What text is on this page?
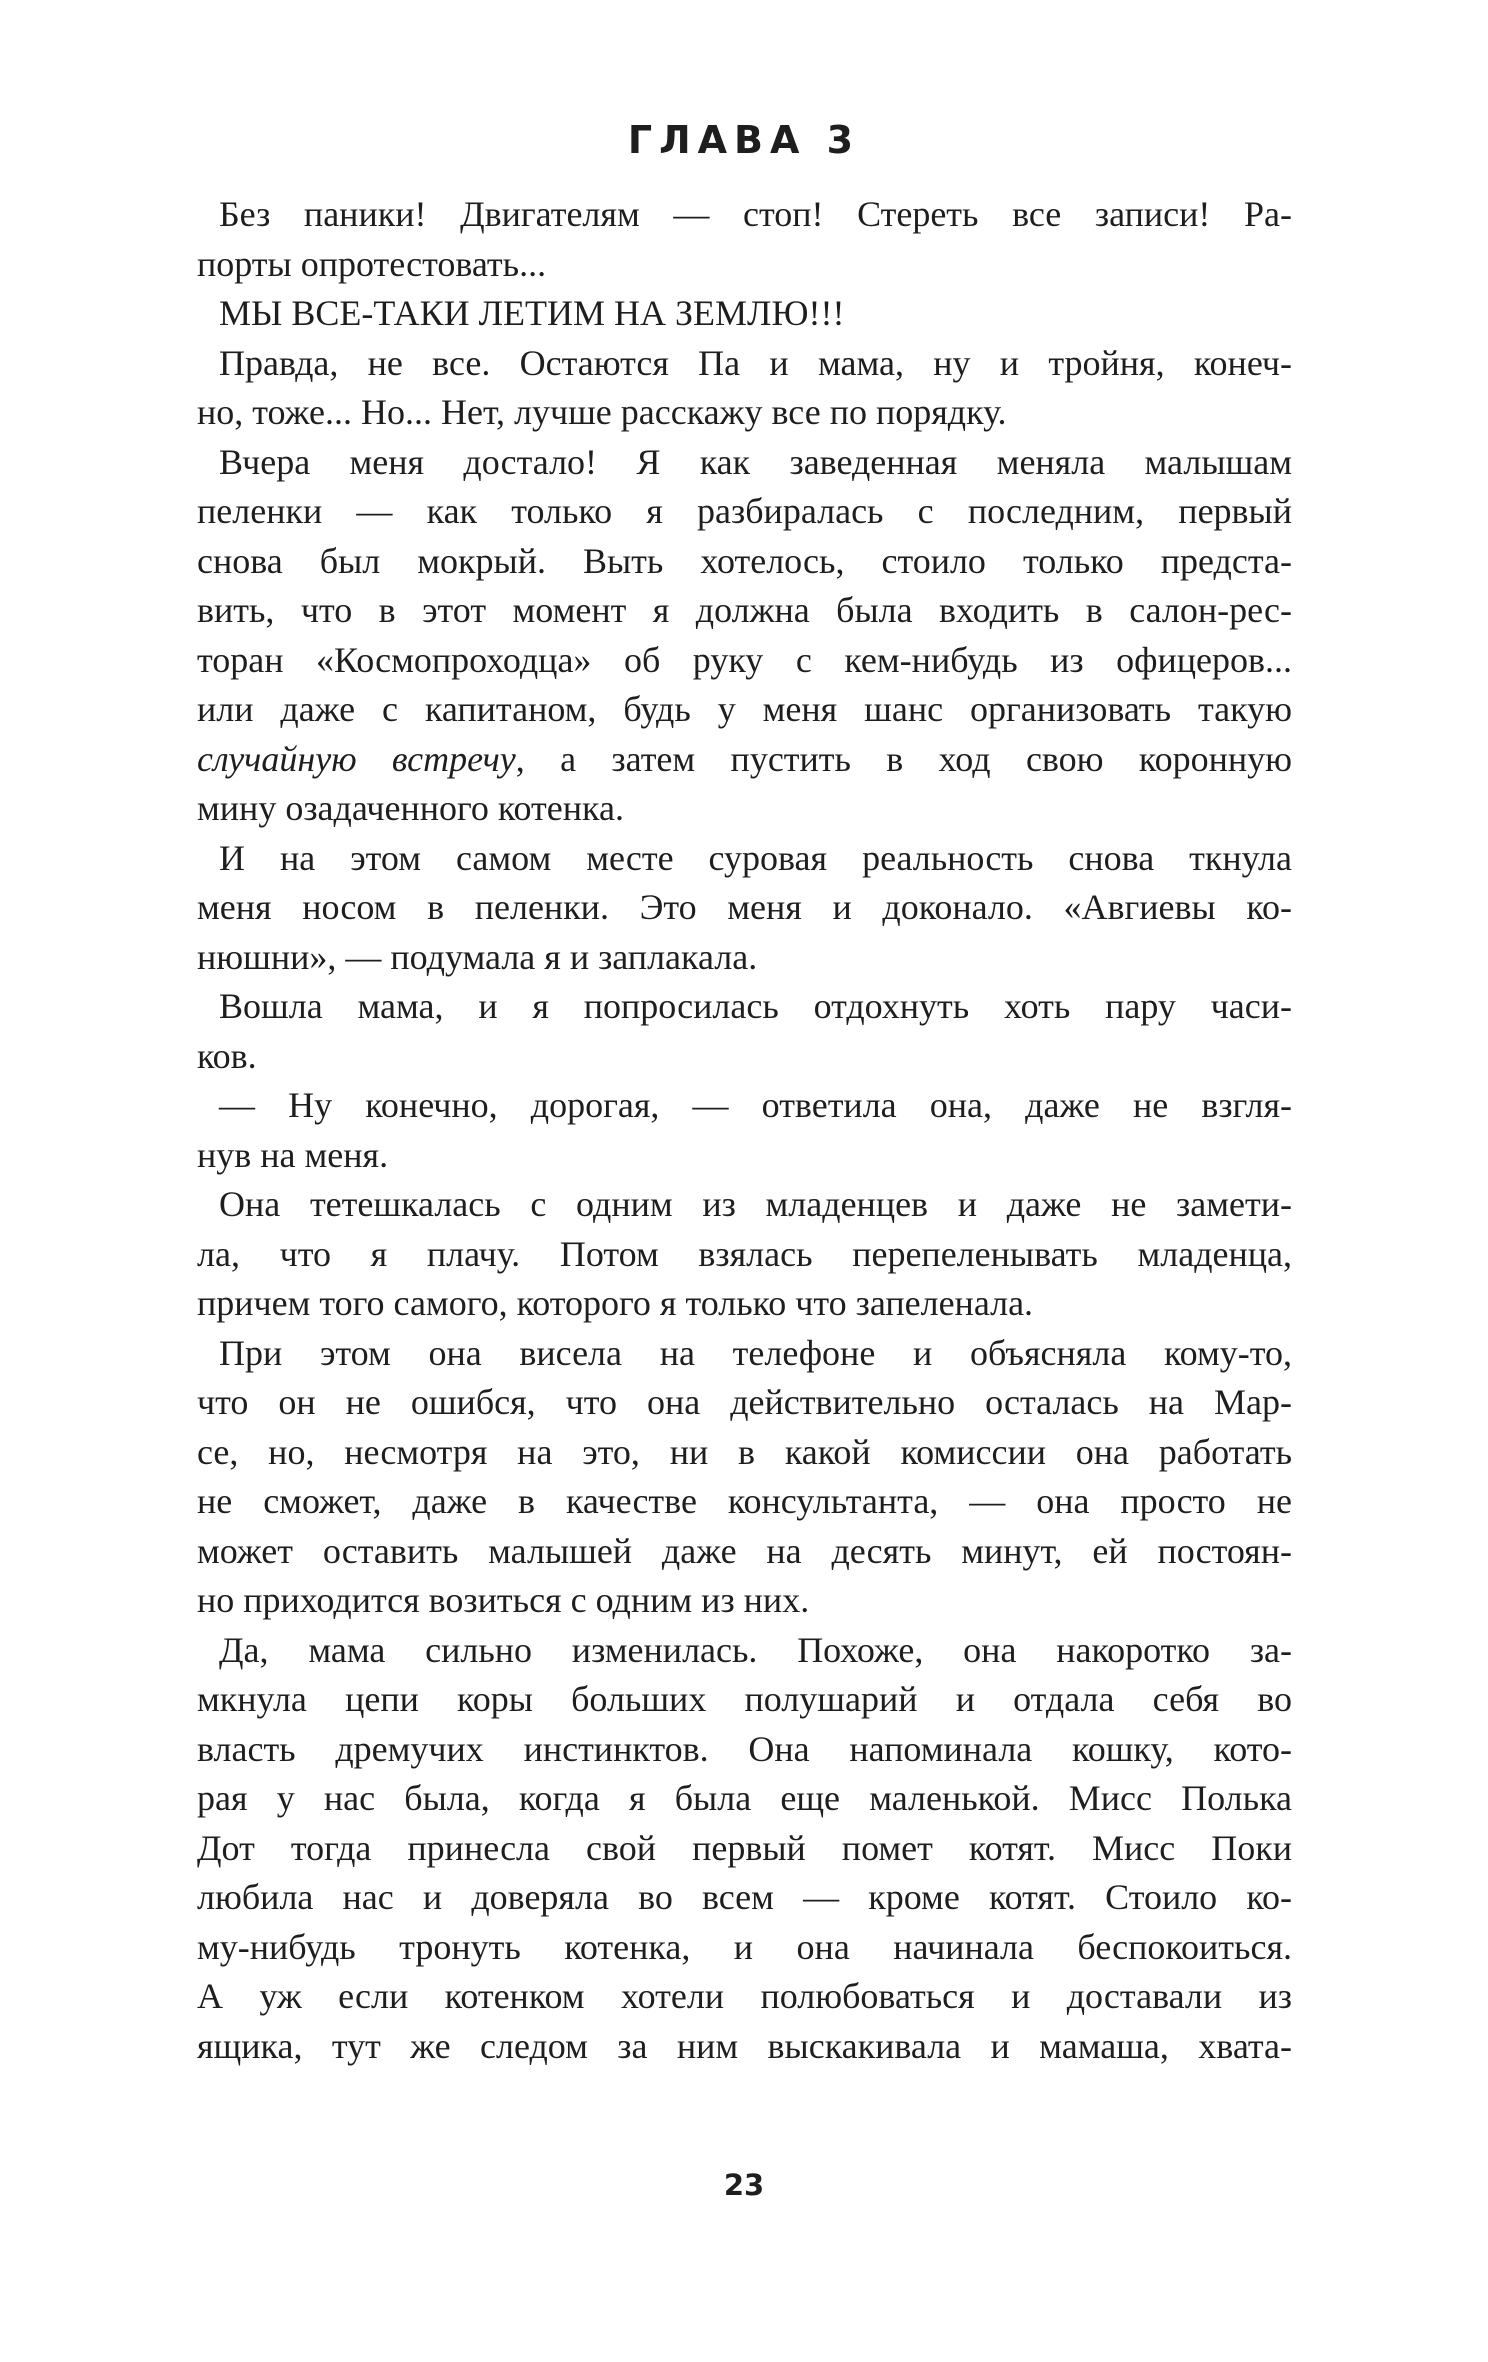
ГЛАВА 3

Без паники! Двигателям — стоп! Стереть все записи! Ра-

порты опротестовать...

МЫ ВСЕ-ТАКИ ЛЕТИМ НА ЗЕМЛЮ!!!

Правда, не все. Остаются Па и мама, ну и тройня, конеч-

но, тоже... Но... Нет, лучше расскажу все по порядку.

Вчера меня достало! Я как заведенная меняла малышам

пеленки — как только я разбиралась с последним, первый

снова был мокрый. Выть хотелось, стоило только предста-

вить, что в этот момент я должна была входить в салон-рес-

торан «Космопроходца» об руку с кем-нибудь из офицеров...

или даже с капитаном, будь у меня шанс организовать такую

случайную встречу, а затем пустить в ход свою коронную

мину озадаченного котенка.

И на этом самом месте суровая реальность снова ткнула

меня носом в пеленки. Это меня и доконало. «Авгиевы ко-

нюшни», — подумала я и заплакала.

Вошла мама, и я попросилась отдохнуть хоть пару часи-

ков.

— Ну конечно, дорогая, — ответила она, даже не взгля-

нув на меня.

Она тетешкалась с одним из младенцев и даже не замети-

ла, что я плачу. Потом взялась перепеленывать младенца,

причем того самого, которого я только что запеленала.

При этом она висела на телефоне и объясняла кому-то,

что он не ошибся, что она действительно осталась на Мар-

се, но, несмотря на это, ни в какой комиссии она работать

не сможет, даже в качестве консультанта, — она просто не

может оставить малышей даже на десять минут, ей постоян-

но приходится возиться с одним из них.

Да, мама сильно изменилась. Похоже, она накоротко за-

мкнула цепи коры больших полушарий и отдала себя во

власть дремучих инстинктов. Она напоминала кошку, кото-

рая у нас была, когда я была еще маленькой. Мисс Полька

Дот тогда принесла свой первый помет котят. Мисс Поки

любила нас и доверяла во всем — кроме котят. Стоило ко-

му-нибудь тронуть котенка, и она начинала беспокоиться.

А уж если котенком хотели полюбоваться и доставали из

ящика, тут же следом за ним выскакивала и мамаша, хвата-

23
